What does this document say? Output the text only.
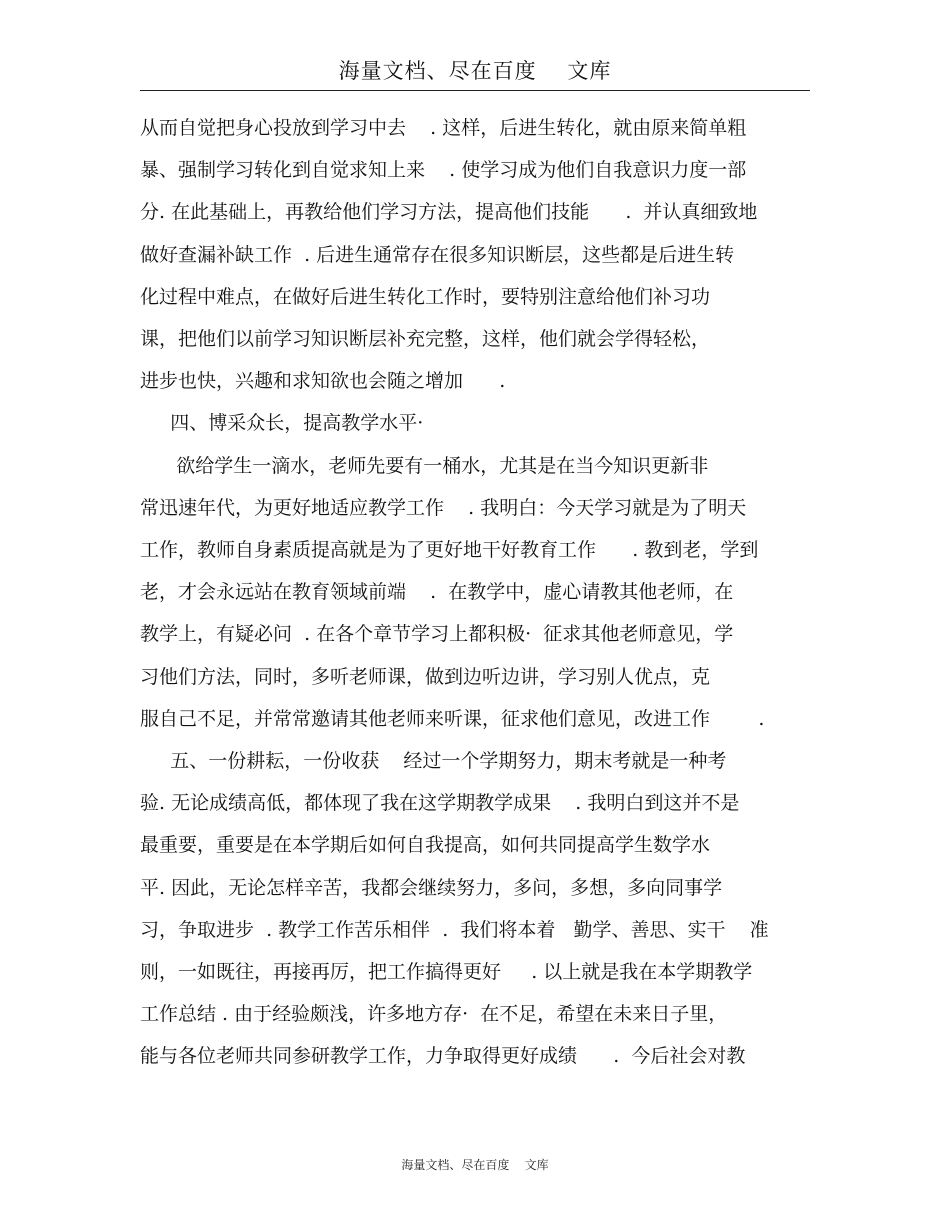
海量文档、尽在百度    文库
从而自觉把身心投放到学习中去    . 这样，后进生转化，就由原来简单粗
暴、强制学习转化到自觉求知上来    . 使学习成为他们自我意识力度一部
分. 在此基础上，再教给他们学习方法，提高他们技能      .  并认真细致地
做好查漏补缺工作  . 后进生通常存在很多知识断层，这些都是后进生转
化过程中难点，在做好后进生转化工作时，要特别注意给他们补习功
课，把他们以前学习知识断层补充完整，这样，他们就会学得轻松，
进步也快，兴趣和求知欲也会随之增加      .
四、博采众长，提高教学水平·
欲给学生一滴水，老师先要有一桶水，尤其是在当今知识更新非
常迅速年代，为更好地适应教学工作    . 我明白：今天学习就是为了明天
工作，教师自身素质提高就是为了更好地干好教育工作      . 教到老，学到
老，才会永远站在教育领域前端    .  在教学中，虚心请教其他老师，在
教学上，有疑必问  . 在各个章节学习上都积极·  征求其他老师意见，学
习他们方法，同时，多听老师课，做到边听边讲，学习别人优点，克
服自己不足，并常常邀请其他老师来听课，征求他们意见，改进工作        .
五、一份耕耘，一份收获    经过一个学期努力，期末考就是一种考
验. 无论成绩高低，都体现了我在这学期教学成果    . 我明白到这并不是
最重要，重要是在本学期后如何自我提高，如何共同提高学生数学水
平. 因此，无论怎样辛苦，我都会继续努力，多问，多想，多向同事学
习，争取进步  . 教学工作苦乐相伴  .  我们将本着   勤学、善思、实干    准
则，一如既往，再接再厉，把工作搞得更好     . 以上就是我在本学期教学
工作总结 . 由于经验颇浅，许多地方存·  在不足，希望在未来日子里，
能与各位老师共同参研教学工作，力争取得更好成绩      .  今后社会对教
海量文档、尽在百度    文库
